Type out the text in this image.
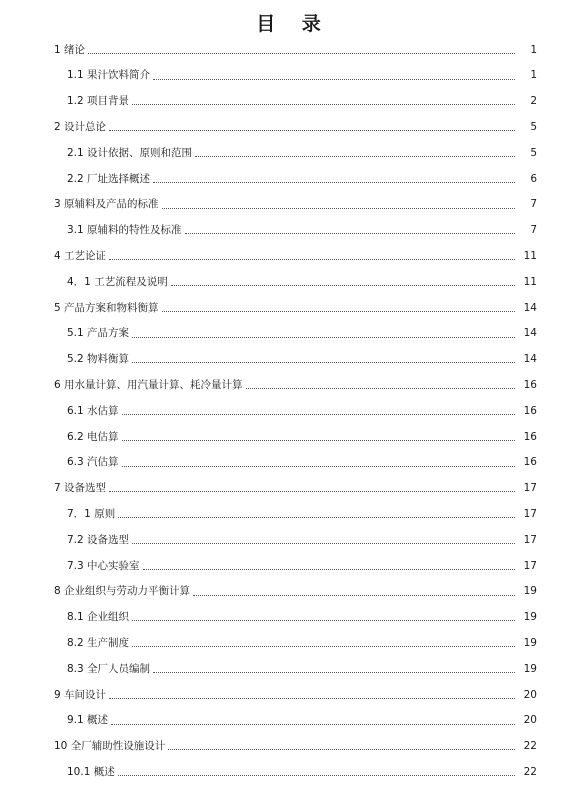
目 录
1 绪论	1
1.1 果汁饮料简介	1
1.2 项目背景	2
2 设计总论	5
2.1 设计依据、原则和范围	5
2.2 厂址选择概述	6
3 原辅料及产品的标准	7
3.1 原辅料的特性及标准	7
4 工艺论证	11
4．1 工艺流程及说明	11
5 产品方案和物料衡算	14
5.1 产品方案	14
5.2 物料衡算	14
6 用水量计算、用汽量计算、耗冷量计算	16
6.1 水估算	16
6.2 电估算	16
6.3 汽估算	16
7 设备选型	17
7．1 原则	17
7.2 设备选型	17
7.3 中心实验室	17
8 企业组织与劳动力平衡计算	19
8.1 企业组织	19
8.2 生产制度	19
8.3 全厂人员编制	19
9 车间设计	20
9.1 概述	20
10 全厂辅助性设施设计	22
10.1 概述	22
